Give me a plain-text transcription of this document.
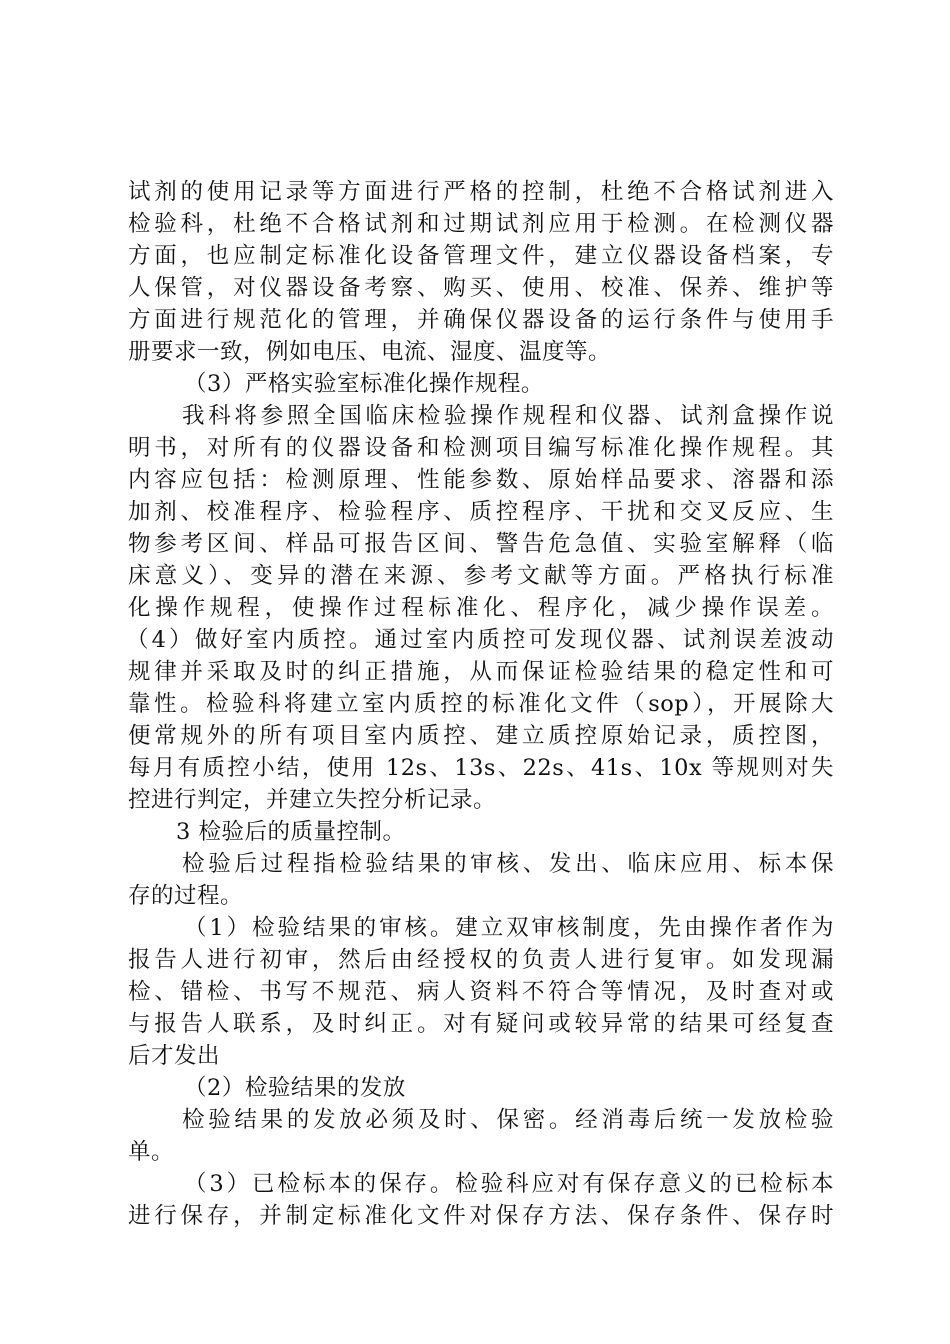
试剂的使用记录等方面进行严格的控制，杜绝不合格试剂进入
检验科，杜绝不合格试剂和过期试剂应用于检测。在检测仪器
方面，也应制定标准化设备管理文件，建立仪器设备档案，专
人保管，对仪器设备考察、购买、使用、校准、保养、维护等
方面进行规范化的管理，并确保仪器设备的运行条件与使用手
册要求一致，例如电压、电流、湿度、温度等。
（3）严格实验室标准化操作规程。
我科将参照全国临床检验操作规程和仪器、试剂盒操作说
明书，对所有的仪器设备和检测项目编写标准化操作规程。其
内容应包括：检测原理、性能参数、原始样品要求、溶器和添
加剂、校准程序、检验程序、质控程序、干扰和交叉反应、生
物参考区间、样品可报告区间、警告危急值、实验室解释（临
床意义）、变异的潜在来源、参考文献等方面。严格执行标准
化操作规程，使操作过程标准化、程序化，减少操作误差。
（4）做好室内质控。通过室内质控可发现仪器、试剂误差波动
规律并采取及时的纠正措施，从而保证检验结果的稳定性和可
靠性。检验科将建立室内质控的标准化文件（sop），开展除大
便常规外的所有项目室内质控、建立质控原始记录，质控图，
每月有质控小结，使用 12s、13s、22s、41s、10x 等规则对失
控进行判定，并建立失控分析记录。
3 检验后的质量控制。
检验后过程指检验结果的审核、发出、临床应用、标本保
存的过程。
（1）检验结果的审核。建立双审核制度，先由操作者作为
报告人进行初审，然后由经授权的负责人进行复审。如发现漏
检、错检、书写不规范、病人资料不符合等情况，及时查对或
与报告人联系，及时纠正。对有疑问或较异常的结果可经复查
后才发出
（2）检验结果的发放
检验结果的发放必须及时、保密。经消毒后统一发放检验
单。
（3）已检标本的保存。检验科应对有保存意义的已检标本
进行保存，并制定标准化文件对保存方法、保存条件、保存时
